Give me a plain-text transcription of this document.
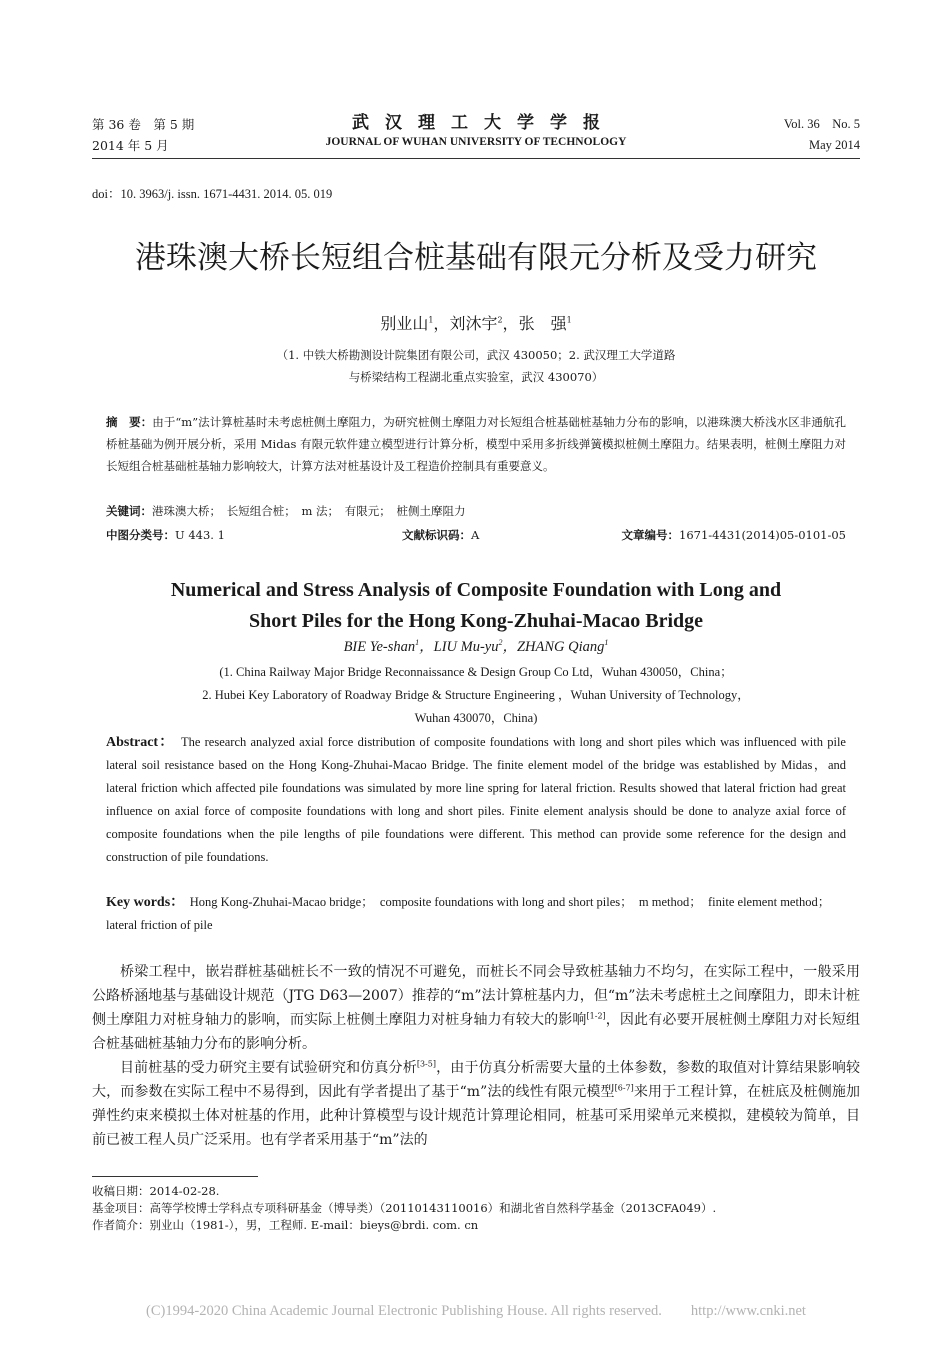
第 36 卷　第 5 期
2014 年 5 月
武汉理工大学学报
JOURNAL OF WUHAN UNIVERSITY OF TECHNOLOGY
Vol. 36　No. 5
May 2014
doi：10. 3963/j. issn. 1671-4431. 2014. 05. 019
港珠澳大桥长短组合桩基础有限元分析及受力研究
别业山$^1$，刘沐宇$^2$，张　强$^1$
（1. 中铁大桥勘测设计院集团有限公司，武汉 430050；2. 武汉理工大学道路
与桥梁结构工程湖北重点实验室，武汉 430070）
摘　要：由于“m”法计算桩基时未考虑桩侧土摩阻力，为研究桩侧土摩阻力对长短组合桩基础桩基轴力分布的影响，以港珠澳大桥浅水区非通航孔桥桩基础为例开展分析，采用 Midas 有限元软件建立模型进行计算分析，模型中采用多折线弹簧模拟桩侧土摩阻力。结果表明，桩侧土摩阻力对长短组合桩基础桩基轴力影响较大，计算方法对桩基设计及工程造价控制具有重要意义。
关键词：港珠澳大桥；　长短组合桩；　m 法；　有限元；　桩侧土摩阻力
中图分类号：U 443. 1	文献标识码：A	文章编号：1671-4431(2014)05-0101-05
Numerical and Stress Analysis of Composite Foundation with Long and
Short Piles for the Hong Kong-Zhuhai-Macao Bridge
BIE Ye-shan$^1$，LIU $Mu-yu^2$，ZHANG Qiang$^1$
(1. China Railway Major Bridge Reconnaissance & Design Group Co Ltd，Wuhan 430050，China；
2. Hubei Key Laboratory of Roadway Bridge & Structure Engineering ，Wuhan University of Technology，
Wuhan 430070，China)
Abstract：　 The research analyzed axial force distribution of composite foundations with long and short piles which was influenced with pile lateral soil resistance based on the Hong Kong-Zhuhai-Macao Bridge. The finite element model of the bridge was established by Midas，and lateral friction which affected pile foundations was simulated by more line spring for lateral friction. Results showed that lateral friction had great influence on axial force of composite foundations with long and short piles. Finite element analysis should be done to analyze axial force of composite foundations when the pile lengths of pile foundations were different. This method can provide some reference for the design and construction of pile foundations.
Key words：　 Hong Kong-Zhuhai-Macao bridge；　composite foundations with long and short piles；　m method；　finite element method；　lateral friction of pile

桥梁工程中，嵌岩群桩基础桩长不一致的情况不可避免，而桩长不同会导致桩基轴力不均匀，在实际工程中，一般采用公路桥涵地基与基础设计规范（JTG D63—2007）推荐的“m”法计算桩基内力，但“m”法未考虑桩土之间摩阻力，即未计桩侧土摩阻力对桩身轴力的影响，而实际上桩侧土摩阻力对桩身轴力有较大的影响[1-2]，因此有必要开展桩侧土摩阻力对长短组合桩基础桩基轴力分布的影响分析。

目前桩基的受力研究主要有试验研究和仿真分析[3-5]，由于仿真分析需要大量的土体参数，参数的取值对计算结果影响较大，而参数在实际工程中不易得到，因此有学者提出了基于“m”法的线性有限元模型[6-7]来用于工程计算，在桩底及桩侧施加弹性约束来模拟土体对桩基的作用，此种计算模型与设计规范计算理论相同，桩基可采用梁单元来模拟，建模较为简单，目前已被工程人员广泛采用。也有学者采用基于“m”法的

收稿日期：2014-02-28.
基金项目：高等学校博士学科点专项科研基金（博导类）（20110143110016）和湖北省自然科学基金（2013CFA049）.
作者简介：别业山（1981-），男，工程师. E-mail：bieys@brdi. com. cn
(C)1994-2020 China Academic Journal Electronic Publishing House. All rights reserved.　　http://www.cnki.net
